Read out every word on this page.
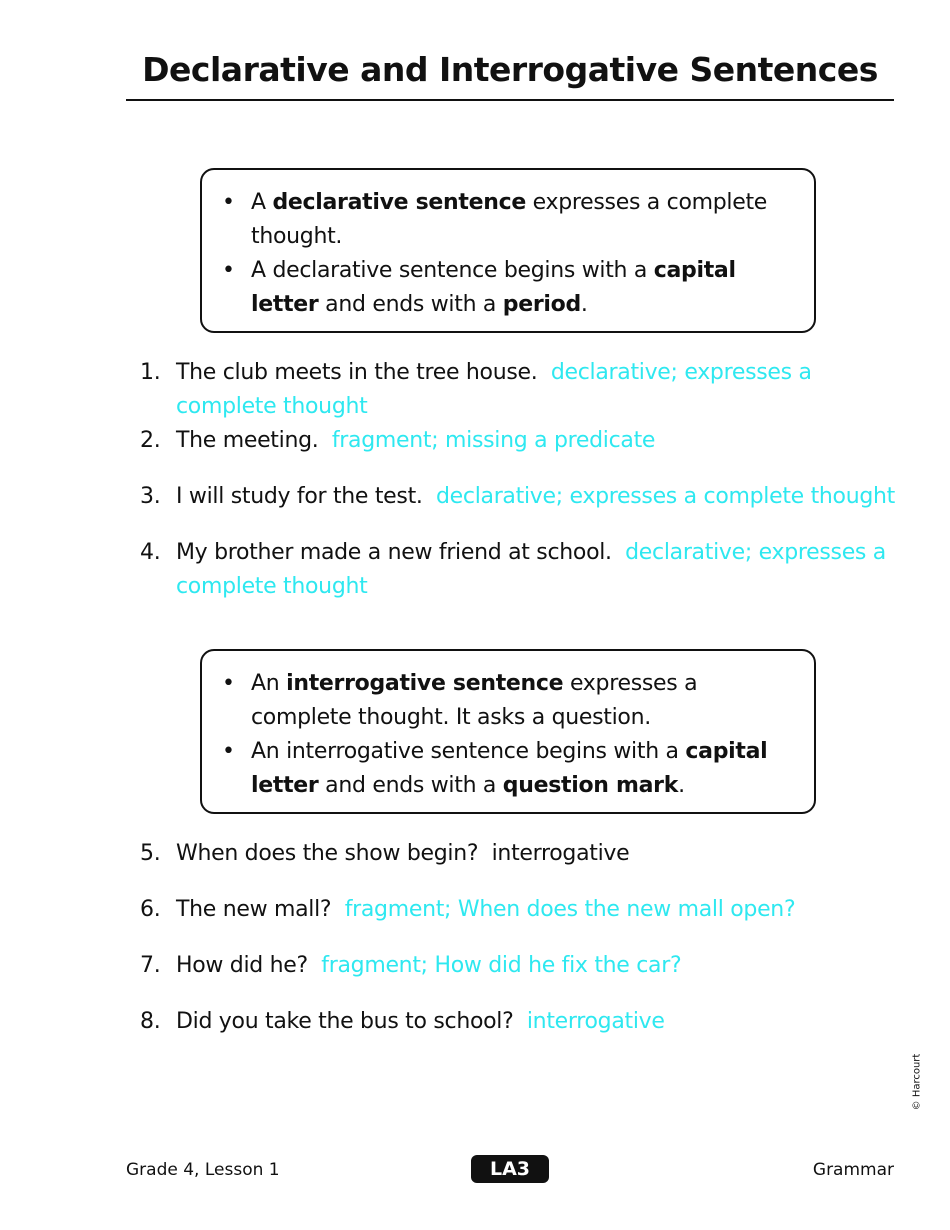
Declarative and Interrogative Sentences
• A declarative sentence expresses a complete thought.
• A declarative sentence begins with a capital letter and ends with a period.
1. The club meets in the tree house. declarative; expresses a complete thought
2. The meeting. fragment; missing a predicate
3. I will study for the test. declarative; expresses a complete thought
4. My brother made a new friend at school. declarative; expresses a complete thought
• An interrogative sentence expresses a complete thought. It asks a question.
• An interrogative sentence begins with a capital letter and ends with a question mark.
5. When does the show begin? interrogative
6. The new mall? fragment; When does the new mall open?
7. How did he? fragment; How did he fix the car?
8. Did you take the bus to school? interrogative
© Harcourt
Grade 4, Lesson 1	LA3	Grammar
